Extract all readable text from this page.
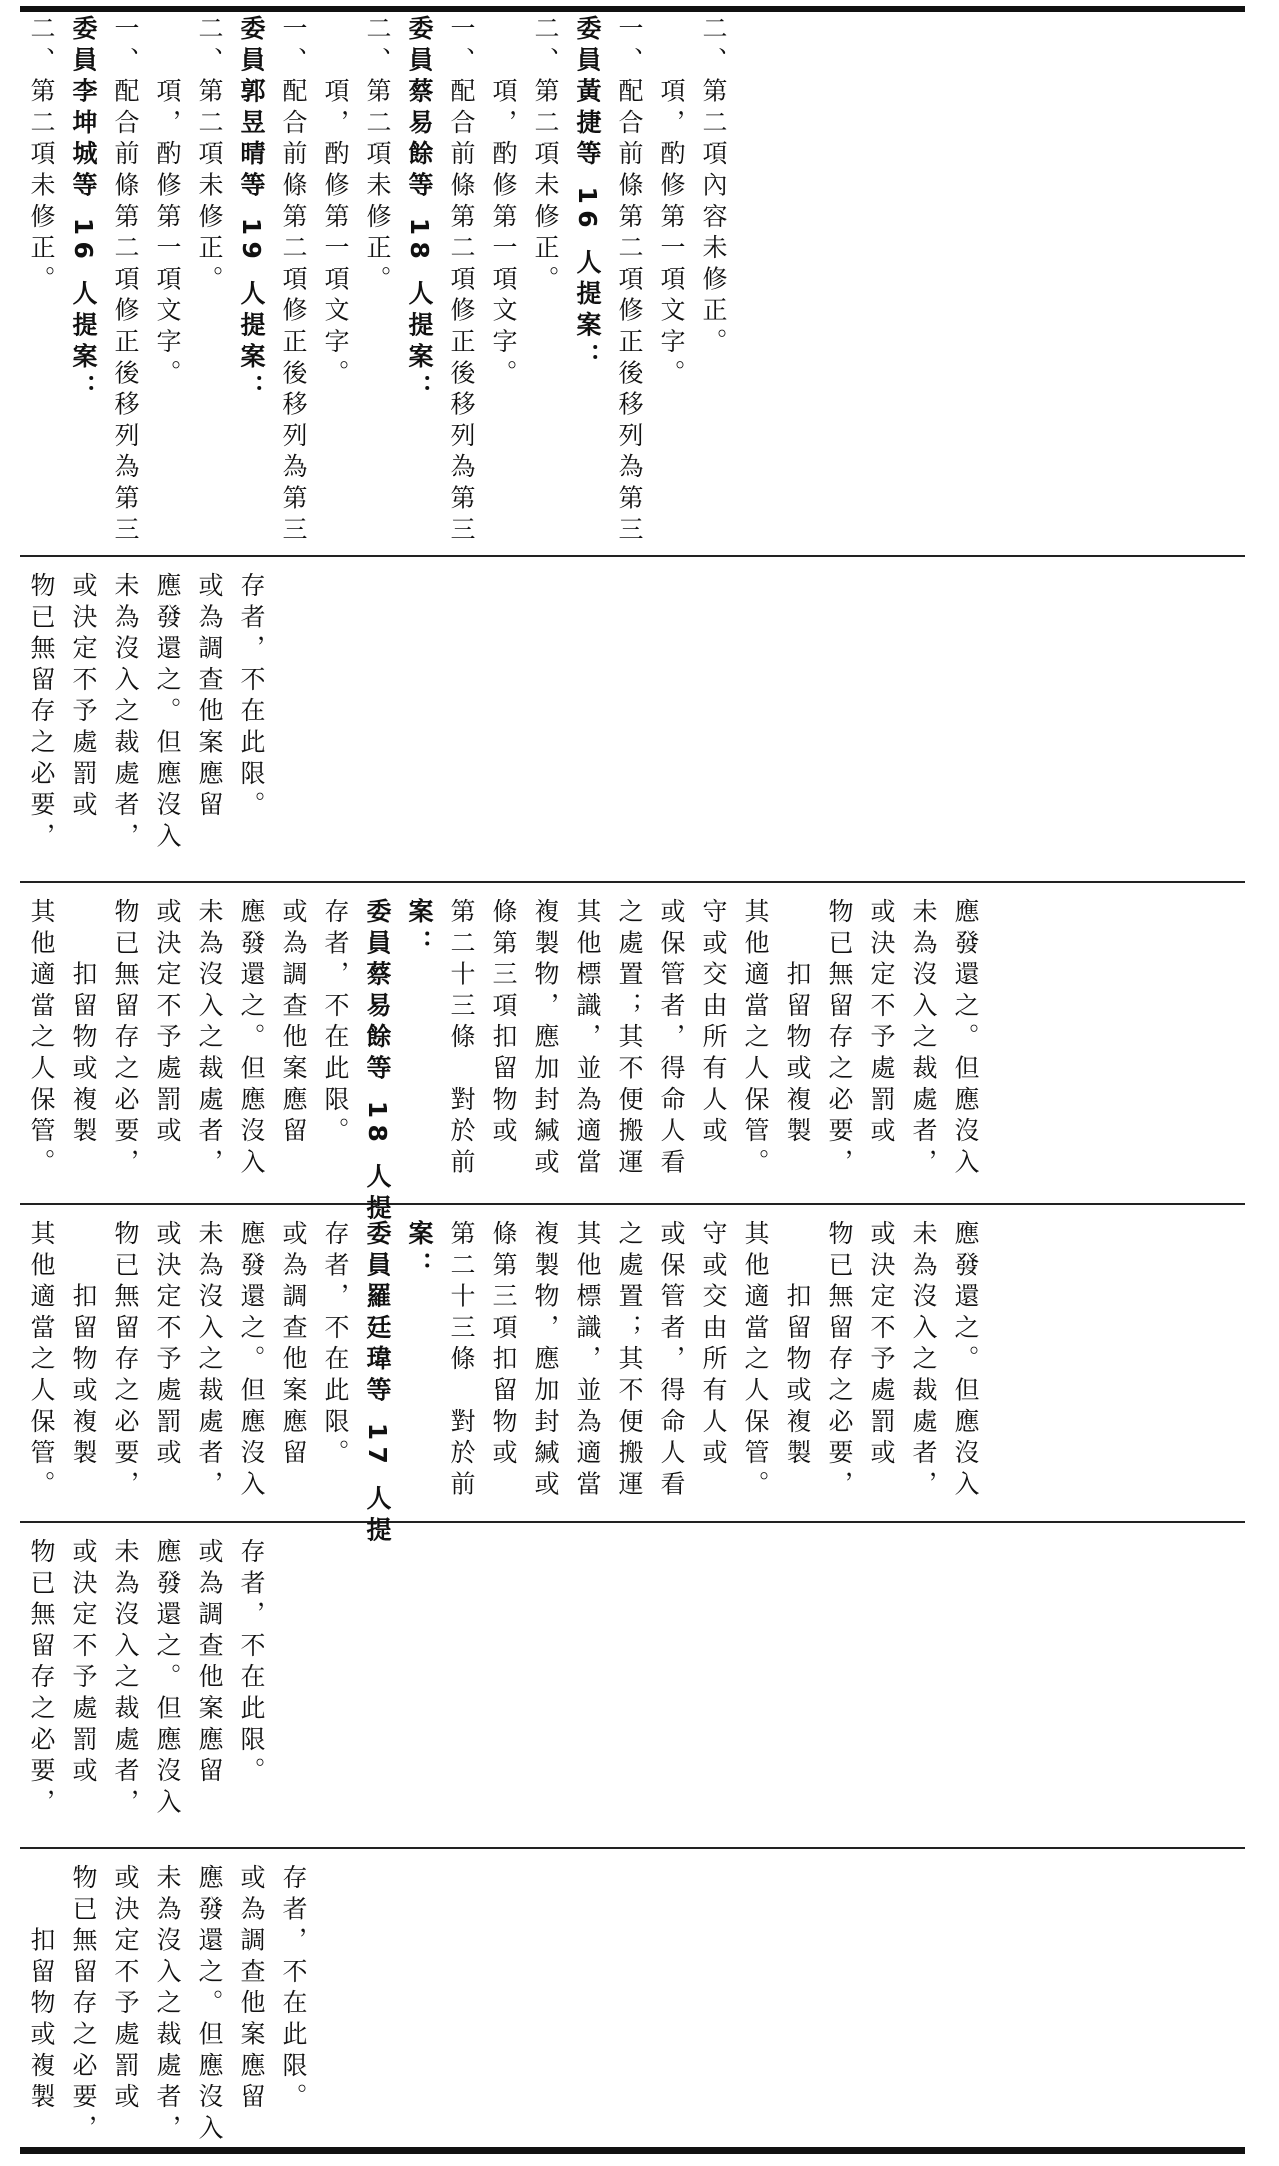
二、第二項未修正。 委員李坤城等 16 人提案： 一、配合前條第二項修正後移列為第三 　　項，酌修第一項文字。 二、第二項未修正。 委員郭昱晴等 19 人提案： 一、配合前條第二項修正後移列為第三 　　項，酌修第一項文字。 二、第二項未修正。 委員蔡易餘等 18 人提案： 一、配合前條第二項修正後移列為第三 　　項，酌修第一項文字。 二、第二項未修正。 委員黃捷等 16 人提案： 一、配合前條第二項修正後移列為第三 　　項，酌修第一項文字。 二、第二項內容未修正。
物已無留存之必要， 或決定不予處罰或 未為沒入之裁處者， 應發還之。但應沒入 或為調查他案應留 存者，不在此限。
其他適當之人保管。 　　扣留物或複製 物已無留存之必要， 或決定不予處罰或 未為沒入之裁處者， 應發還之。但應沒入 或為調查他案應留 存者，不在此限。 委員蔡易餘等 18 人提 案： 第二十三條　對於前 條第三項扣留物或 複製物，應加封緘或 其他標識，並為適當 之處置；其不便搬運 或保管者，得命人看 守或交由所有人或 其他適當之人保管。 　　扣留物或複製 物已無留存之必要， 或決定不予處罰或 未為沒入之裁處者， 應發還之。但應沒入
其他適當之人保管。 　　扣留物或複製 物已無留存之必要， 或決定不予處罰或 未為沒入之裁處者， 應發還之。但應沒入 或為調查他案應留 存者，不在此限。 委員羅廷瑋等 17 人提 案： 第二十三條　對於前 條第三項扣留物或 複製物，應加封緘或 其他標識，並為適當 之處置；其不便搬運 或保管者，得命人看 守或交由所有人或 其他適當之人保管。 　　扣留物或複製 物已無留存之必要， 或決定不予處罰或 未為沒入之裁處者， 應發還之。但應沒入
物已無留存之必要， 或決定不予處罰或 未為沒入之裁處者， 應發還之。但應沒入 或為調查他案應留 存者，不在此限。
　　扣留物或複製 物已無留存之必要， 或決定不予處罰或 未為沒入之裁處者， 應發還之。但應沒入 或為調查他案應留 存者，不在此限。
